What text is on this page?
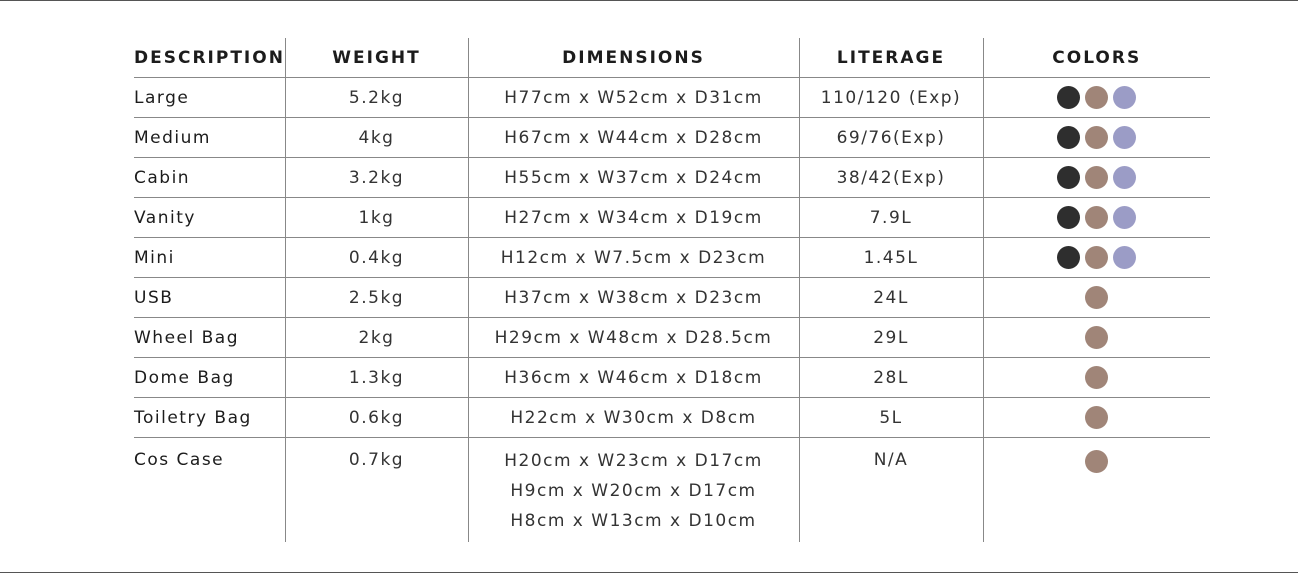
DESCRIPTION	WEIGHT	DIMENSIONS	LITERAGE	COLORS
Large	5.2kg	H77cm x W52cm x D31cm	110/120 (Exp)	

Medium	4kg	H67cm x W44cm x D28cm	69/76(Exp)	

Cabin	3.2kg	H55cm x W37cm x D24cm	38/42(Exp)	

Vanity	1kg	H27cm x W34cm x D19cm	7.9L	

Mini	0.4kg	H12cm x W7.5cm x D23cm	1.45L	

USB	2.5kg	H37cm x W38cm x D23cm	24L	

Wheel Bag	2kg	H29cm x W48cm x D28.5cm	29L	

Dome Bag	1.3kg	H36cm x W46cm x D18cm	28L	

Toiletry Bag	0.6kg	H22cm x W30cm x D8cm	5L	

Cos Case	0.7kg	H20cm x W23cm x D17cm
H9cm x W20cm x D17cm
H8cm x W13cm x D10cm	N/A	
